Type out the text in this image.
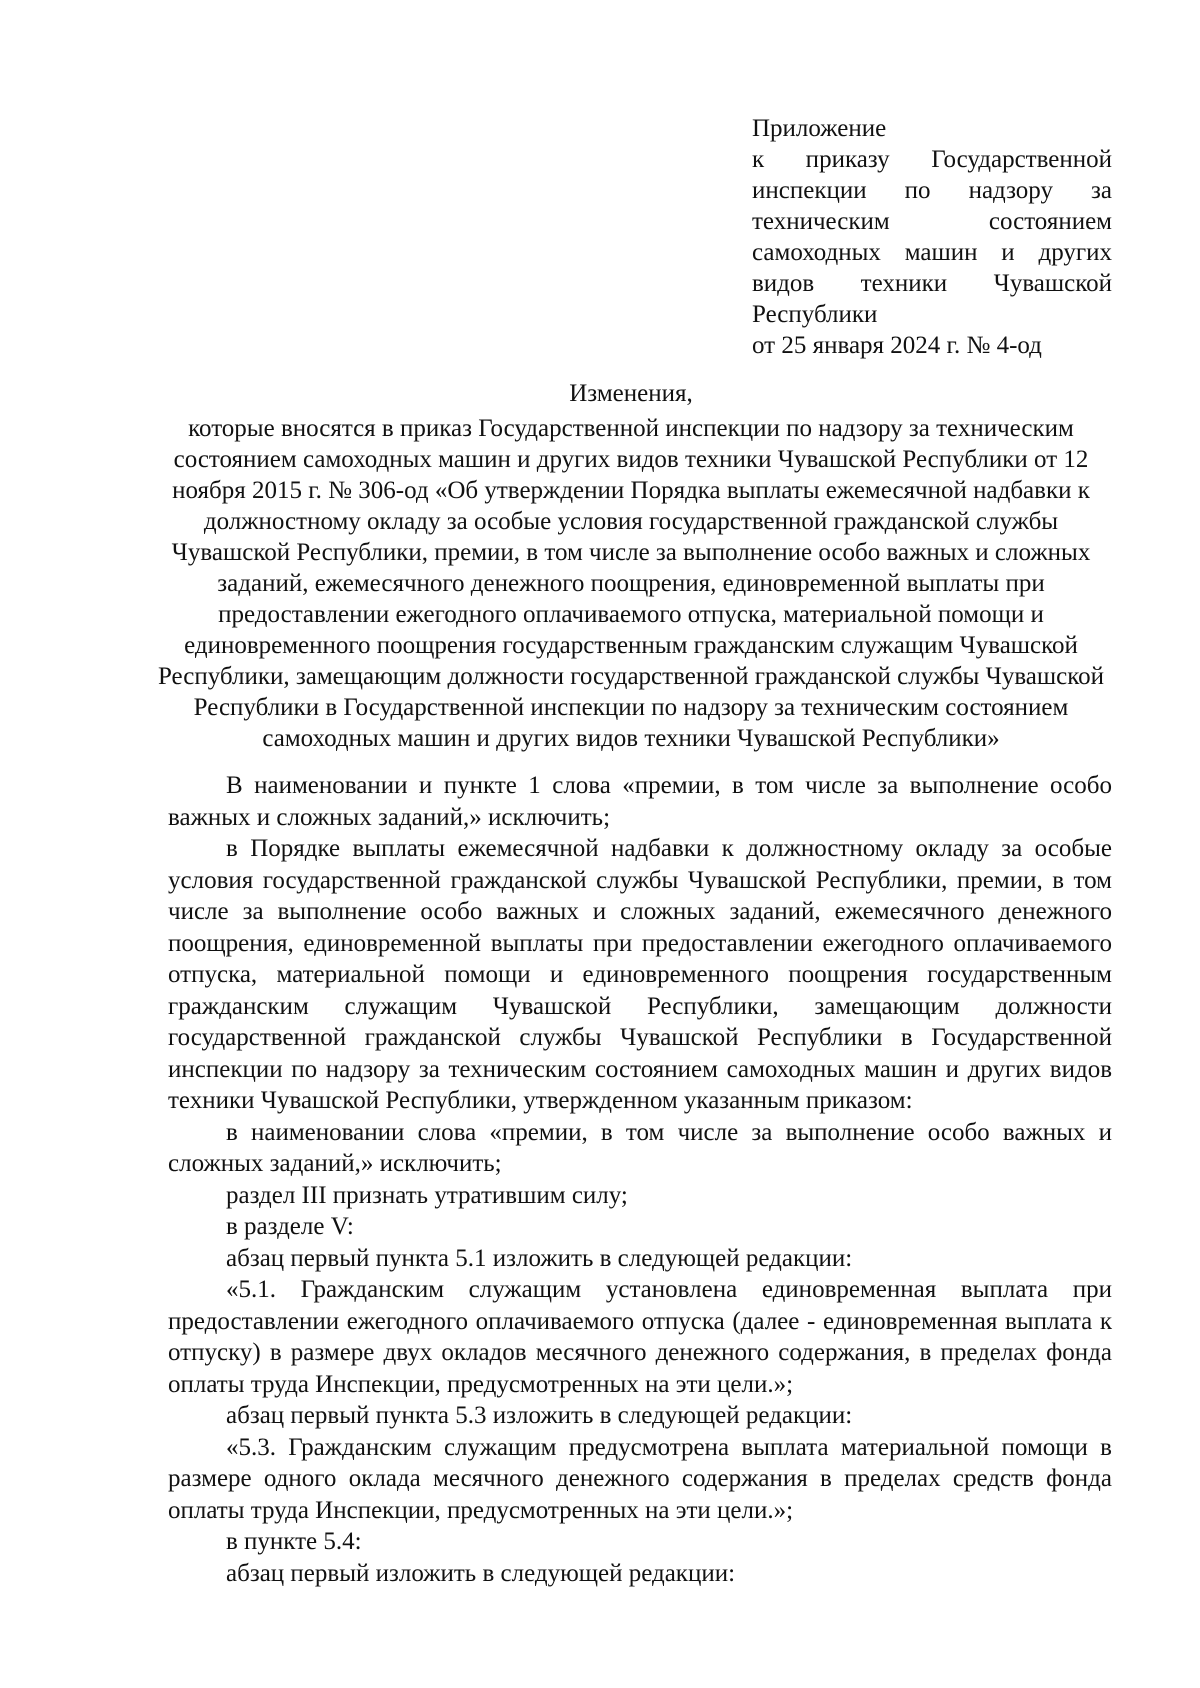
Приложение
к приказу Государственной инспекции по надзору за техническим состоянием самоходных машин и других видов техники Чувашской Республики
от 25 января 2024 г. № 4-од
Изменения,
которые вносятся в приказ Государственной инспекции по надзору за техническим состоянием самоходных машин и других видов техники Чувашской Республики от 12 ноября 2015 г. № 306-од «Об утверждении Порядка выплаты ежемесячной надбавки к должностному окладу за особые условия государственной гражданской службы Чувашской Республики, премии, в том числе за выполнение особо важных и сложных заданий, ежемесячного денежного поощрения, единовременной выплаты при предоставлении ежегодного оплачиваемого отпуска, материальной помощи и единовременного поощрения государственным гражданским служащим Чувашской Республики, замещающим должности государственной гражданской службы Чувашской Республики в Государственной инспекции по надзору за техническим состоянием самоходных машин и других видов техники Чувашской Республики»

В наименовании и пункте 1 слова «премии, в том числе за выполнение особо важных и сложных заданий,» исключить;

в Порядке выплаты ежемесячной надбавки к должностному окладу за особые условия государственной гражданской службы Чувашской Республики, премии, в том числе за выполнение особо важных и сложных заданий, ежемесячного денежного поощрения, единовременной выплаты при предоставлении ежегодного оплачиваемого отпуска, материальной помощи и единовременного поощрения государственным гражданским служащим Чувашской Республики, замещающим должности государственной гражданской службы Чувашской Республики в Государственной инспекции по надзору за техническим состоянием самоходных машин и других видов техники Чувашской Республики, утвержденном указанным приказом:

в наименовании слова «премии, в том числе за выполнение особо важных и сложных заданий,» исключить;

раздел III признать утратившим силу;

в разделе V:

абзац первый пункта 5.1 изложить в следующей редакции:

«5.1. Гражданским служащим установлена единовременная выплата при предоставлении ежегодного оплачиваемого отпуска (далее - единовременная выплата к отпуску) в размере двух окладов месячного денежного содержания, в пределах фонда оплаты труда Инспекции, предусмотренных на эти цели.»;

абзац первый пункта 5.3 изложить в следующей редакции:

«5.3. Гражданским служащим предусмотрена выплата материальной помощи в размере одного оклада месячного денежного содержания в пределах средств фонда оплаты труда Инспекции, предусмотренных на эти цели.»;

в пункте 5.4:

абзац первый изложить в следующей редакции:
